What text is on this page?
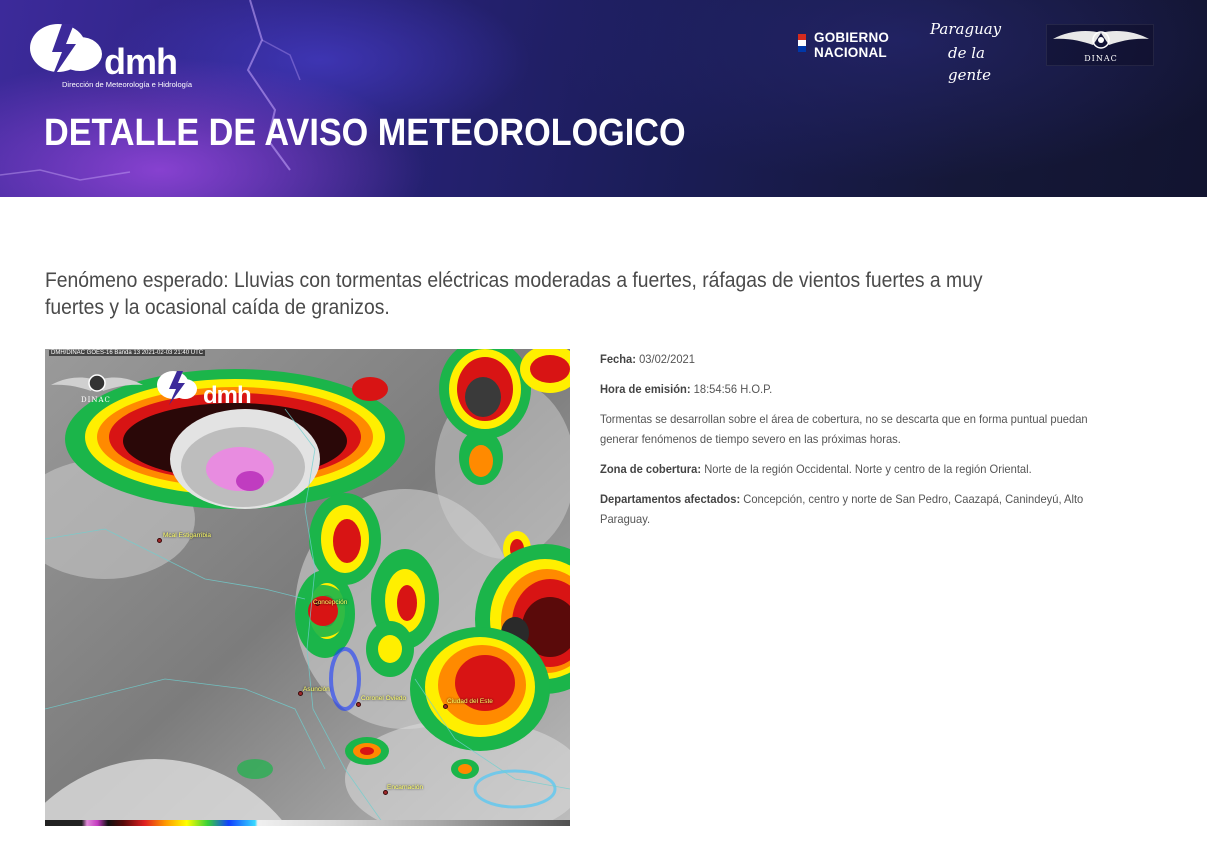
dmh
Dirección de Meteorología e Hidrología
GOBIERNO
NACIONAL
Paraguay
de la gente
DINAC
DETALLE DE AVISO METEOROLOGICO
Fenómeno esperado: Lluvias con tormentas eléctricas moderadas a fuertes, ráfagas de vientos fuertes a muy fuertes y la ocasional caída de granizos.
DMH/DINAC GOES-16 Banda 13 2021-02-03 21:40 UTC
DINAC	dmh
Mcal Estigarribia
Concepción
Asunción
Coronel Oviedo	Ciudad del Este
Encarnación

Fecha: 03/02/2021

Hora de emisión: 18:54:56 H.O.P.

Tormentas se desarrollan sobre el área de cobertura, no se descarta que en forma puntual puedan generar fenómenos de tiempo severo en las próximas horas.

Zona de cobertura: Norte de la región Occidental. Norte y centro de la región Oriental.

Departamentos afectados: Concepción, centro y norte de San Pedro, Caazapá, Canindeyú, Alto Paraguay.
